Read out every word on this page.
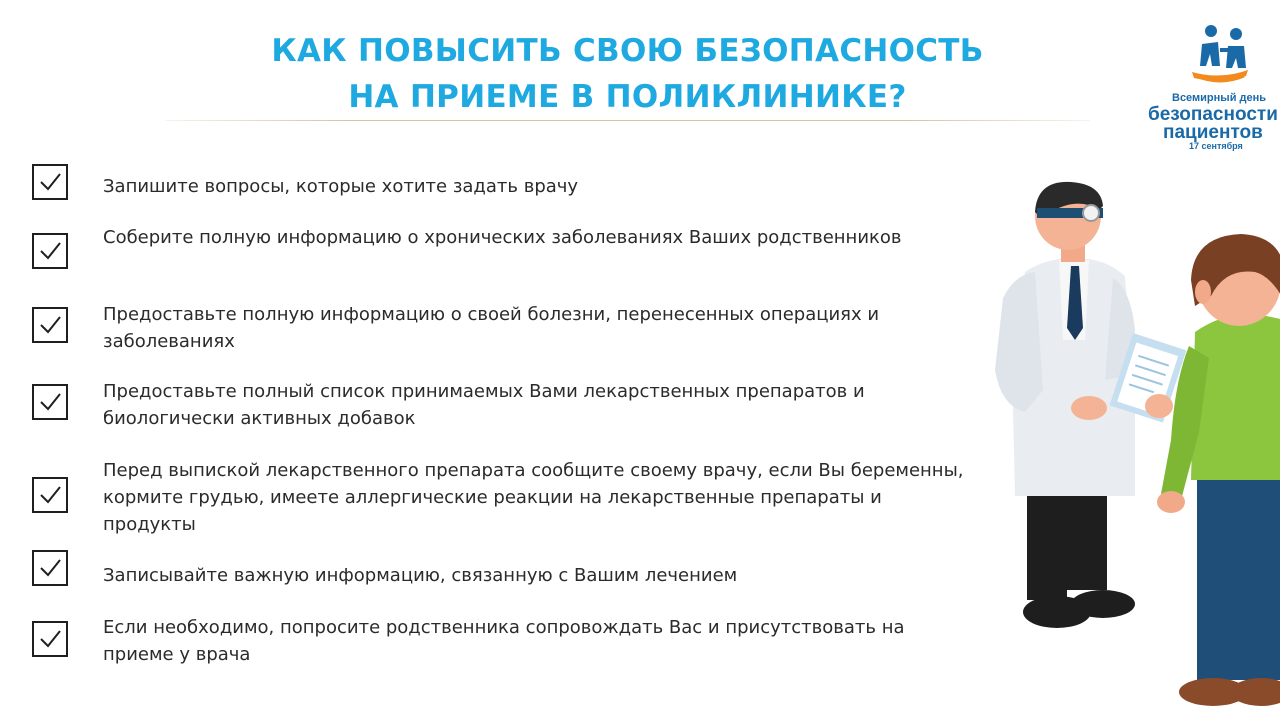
КАК ПОВЫСИТЬ СВОЮ БЕЗОПАСНОСТЬ
НА ПРИЕМЕ В ПОЛИКЛИНИКЕ?	Всемирный день
безопасности
пациентов
17 сентября
Запишите вопросы, которые хотите задать врачу
Соберите полную информацию о хронических заболеваниях Ваших родственников
Предоставьте полную информацию о своей болезни, перенесенных операциях и заболеваниях
Предоставьте полный список принимаемых Вами лекарственных препаратов и биологически активных добавок
Перед выпиской лекарственного препарата сообщите своему врачу, если Вы беременны, кормите грудью, имеете аллергические реакции на лекарственные препараты и продукты
Записывайте важную информацию, связанную с Вашим лечением
Если необходимо, попросите родственника сопровождать Вас и присутствовать на приеме у врача
